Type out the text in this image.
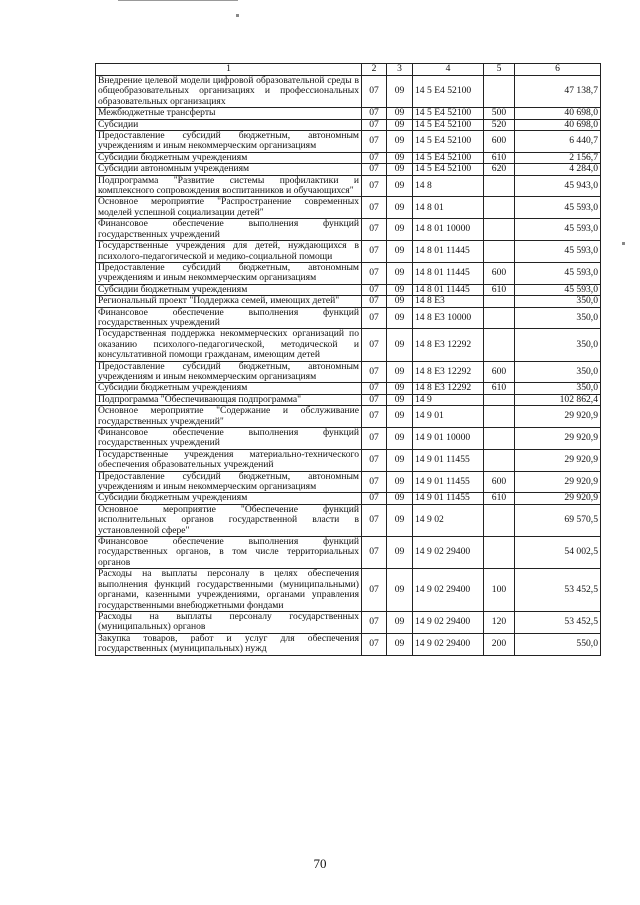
1	2	3	4	5	6
Внедрение целевой модели цифровой образовательной среды в общеобразовательных организациях и профессиональных образовательных организациях	07	09	14 5 Е4 52100		47 138,7
Межбюджетные трансферты	07	09	14 5 Е4 52100	500	40 698,0
Субсидии	07	09	14 5 Е4 52100	520	40 698,0
Предоставление субсидий бюджетным, автономным учреждениям и иным некоммерческим организациям	07	09	14 5 Е4 52100	600	6 440,7
Субсидии бюджетным учреждениям	07	09	14 5 Е4 52100	610	2 156,7
Субсидии автономным учреждениям	07	09	14 5 Е4 52100	620	4 284,0
Подпрограмма "Развитие системы профилактики и комплексного сопровождения воспитанников и обучающихся"	07	09	14 8		45 943,0
Основное мероприятие "Распространение современных моделей успешной социализации детей"	07	09	14 8 01		45 593,0
Финансовое обеспечение выполнения функций государственных учреждений	07	09	14 8 01 10000		45 593,0
Государственные учреждения для детей, нуждающихся в психолого-педагогической и медико-социальной помощи	07	09	14 8 01 11445		45 593,0
Предоставление субсидий бюджетным, автономным учреждениям и иным некоммерческим организациям	07	09	14 8 01 11445	600	45 593,0
Субсидии бюджетным учреждениям	07	09	14 8 01 11445	610	45 593,0
Региональный проект "Поддержка семей, имеющих детей"	07	09	14 8 Е3		350,0
Финансовое обеспечение выполнения функций государственных учреждений	07	09	14 8 Е3 10000		350,0
Государственная поддержка некоммерческих организаций по оказанию психолого-педагогической, методической и консультативной помощи гражданам, имеющим детей	07	09	14 8 Е3 12292		350,0
Предоставление субсидий бюджетным, автономным учреждениям и иным некоммерческим организациям	07	09	14 8 Е3 12292	600	350,0
Субсидии бюджетным учреждениям	07	09	14 8 Е3 12292	610	350,0
Подпрограмма "Обеспечивающая подпрограмма"	07	09	14 9		102 862,4
Основное мероприятие "Содержание и обслуживание государственных учреждений"	07	09	14 9 01		29 920,9
Финансовое обеспечение выполнения функций государственных учреждений	07	09	14 9 01 10000		29 920,9
Государственные учреждения материально-технического обеспечения образовательных учреждений	07	09	14 9 01 11455		29 920,9
Предоставление субсидий бюджетным, автономным учреждениям и иным некоммерческим организациям	07	09	14 9 01 11455	600	29 920,9
Субсидии бюджетным учреждениям	07	09	14 9 01 11455	610	29 920,9
Основное мероприятие "Обеспечение функций исполнительных органов государственной власти в установленной сфере"	07	09	14 9 02		69 570,5
Финансовое обеспечение выполнения функций государственных органов, в том числе территориальных органов	07	09	14 9 02 29400		54 002,5
Расходы на выплаты персоналу в целях обеспечения выполнения функций государственными (муниципальными) органами, казенными учреждениями, органами управления государственными внебюджетными фондами	07	09	14 9 02 29400	100	53 452,5
Расходы на выплаты персоналу государственных (муниципальных) органов	07	09	14 9 02 29400	120	53 452,5
Закупка товаров, работ и услуг для обеспечения государственных (муниципальных) нужд	07	09	14 9 02 29400	200	550,0
70
